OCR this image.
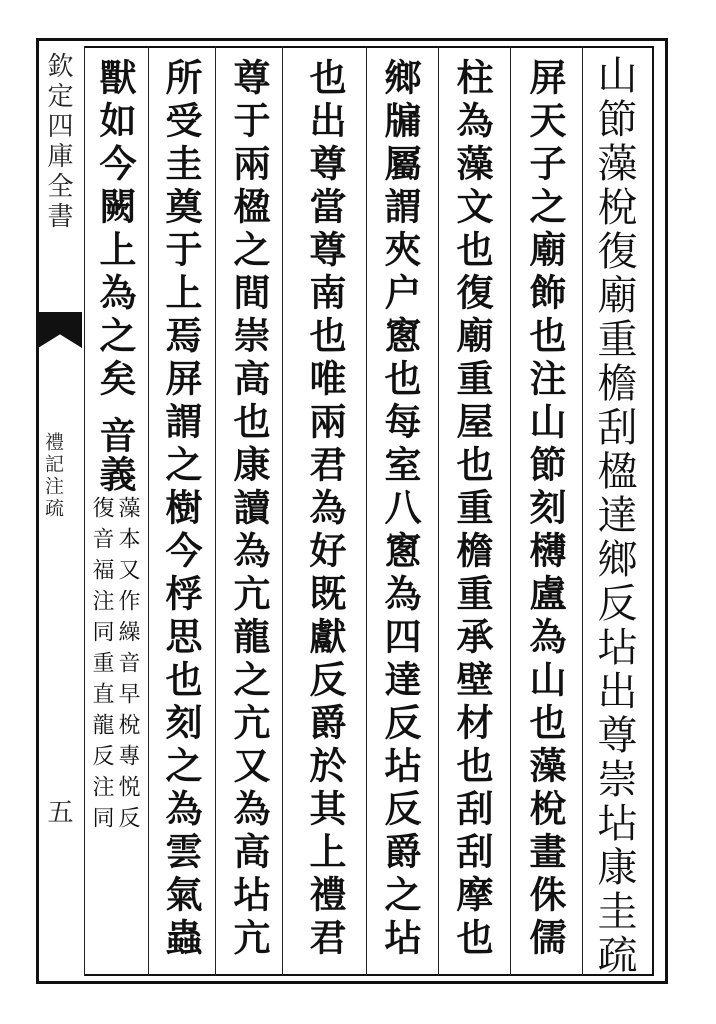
欽定四庫全書
禮記注疏
五	山節藻梲復廟重檐刮楹達鄉反坫出尊崇坫康圭疏
屏天子之廟飾也注山節刻欂盧為山也藻梲畫侏儒
柱為藻文也復廟重屋也重檐重承壁材也刮刮摩也
鄉牖屬謂夾户窻也每室八窻為四達反坫反爵之坫
也出尊當尊南也唯兩君為好既獻反爵於其上禮君
尊于兩楹之間崇高也康讀為亢龍之亢又為高坫亢
所受圭奠于上焉屏謂之樹今桴思也刻之為雲氣蟲
獸如今闕上為之矣
音義
藻本又作繰音早梲專悦反
復音福注同重直龍反注同
